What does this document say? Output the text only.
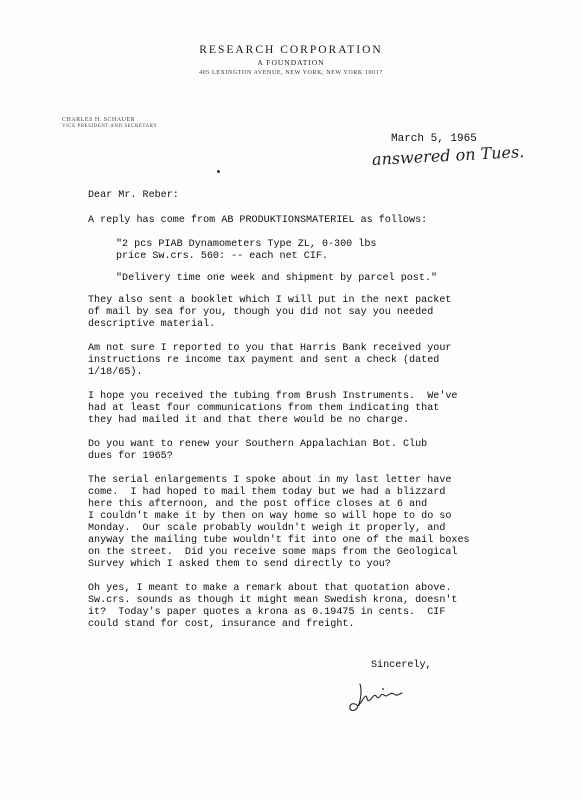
RESEARCH CORPORATION
A FOUNDATION
405 LEXINGTON AVENUE, NEW YORK, NEW YORK 10017
CHARLES H. SCHAUER
VICE PRESIDENT AND SECRETARY
March 5, 1965
answered on Tues.

Dear Mr. Reber:

A reply has come from AB PRODUKTIONSMATERIEL as follows:

"2 pcs PIAB Dynamometers Type ZL, 0-300 lbs

price Sw.crs. 560: -- each net CIF.

"Delivery time one week and shipment by parcel post."

They also sent a booklet which I will put in the next packet

of mail by sea for you, though you did not say you needed

descriptive material.

Am not sure I reported to you that Harris Bank received your

instructions re income tax payment and sent a check (dated

1/18/65).

I hope you received the tubing from Brush Instruments.  We've

had at least four communications from them indicating that

they had mailed it and that there would be no charge.

Do you want to renew your Southern Appalachian Bot. Club

dues for 1965?

The serial enlargements I spoke about in my last letter have

come.  I had hoped to mail them today but we had a blizzard

here this afternoon, and the post office closes at 6 and

I couldn't make it by then on way home so will hope to do so

Monday.  Our scale probably wouldn't weigh it properly, and

anyway the mailing tube wouldn't fit into one of the mail boxes

on the street.  Did you receive some maps from the Geological

Survey which I asked them to send directly to you?

Oh yes, I meant to make a remark about that quotation above.

Sw.crs. sounds as though it might mean Swedish krona, doesn't

it?  Today's paper quotes a krona as 0.19475 in cents.  CIF

could stand for cost, insurance and freight.

Sincerely,
